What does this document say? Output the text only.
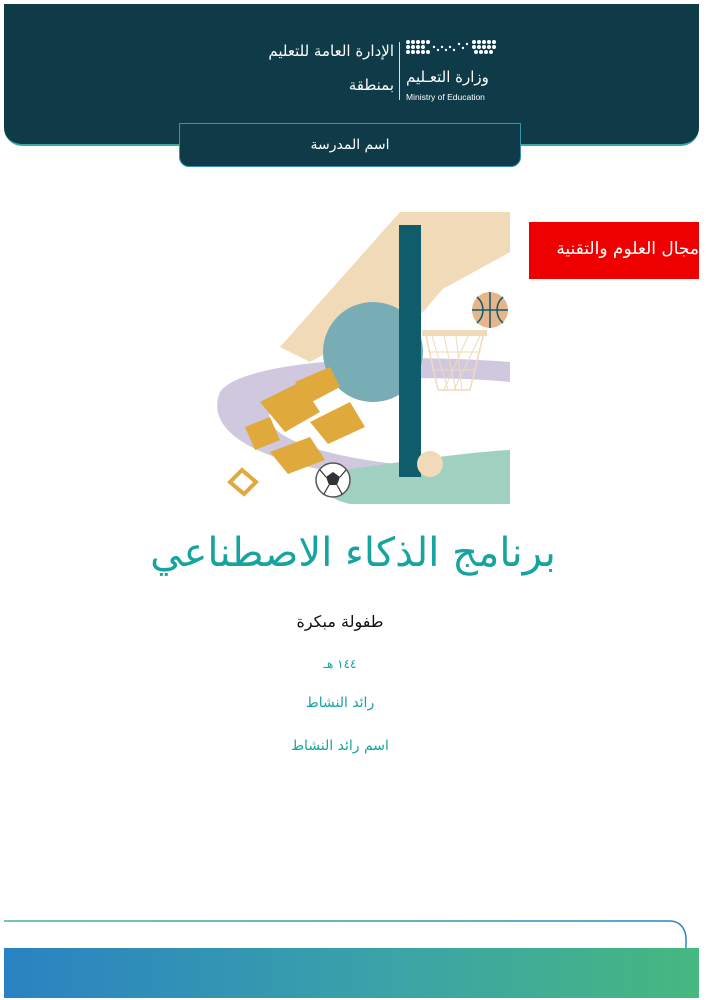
وزارة التعـليم
Ministry of Education
الإدارة العامة للتعليم
بمنطقة
اسم المدرسة
مجال العلوم والتقنية
برنامج الذكاء الاصطناعي
طفولة مبكرة
١٤٤ هـ
رائد النشاط
اسم رائد النشاط
